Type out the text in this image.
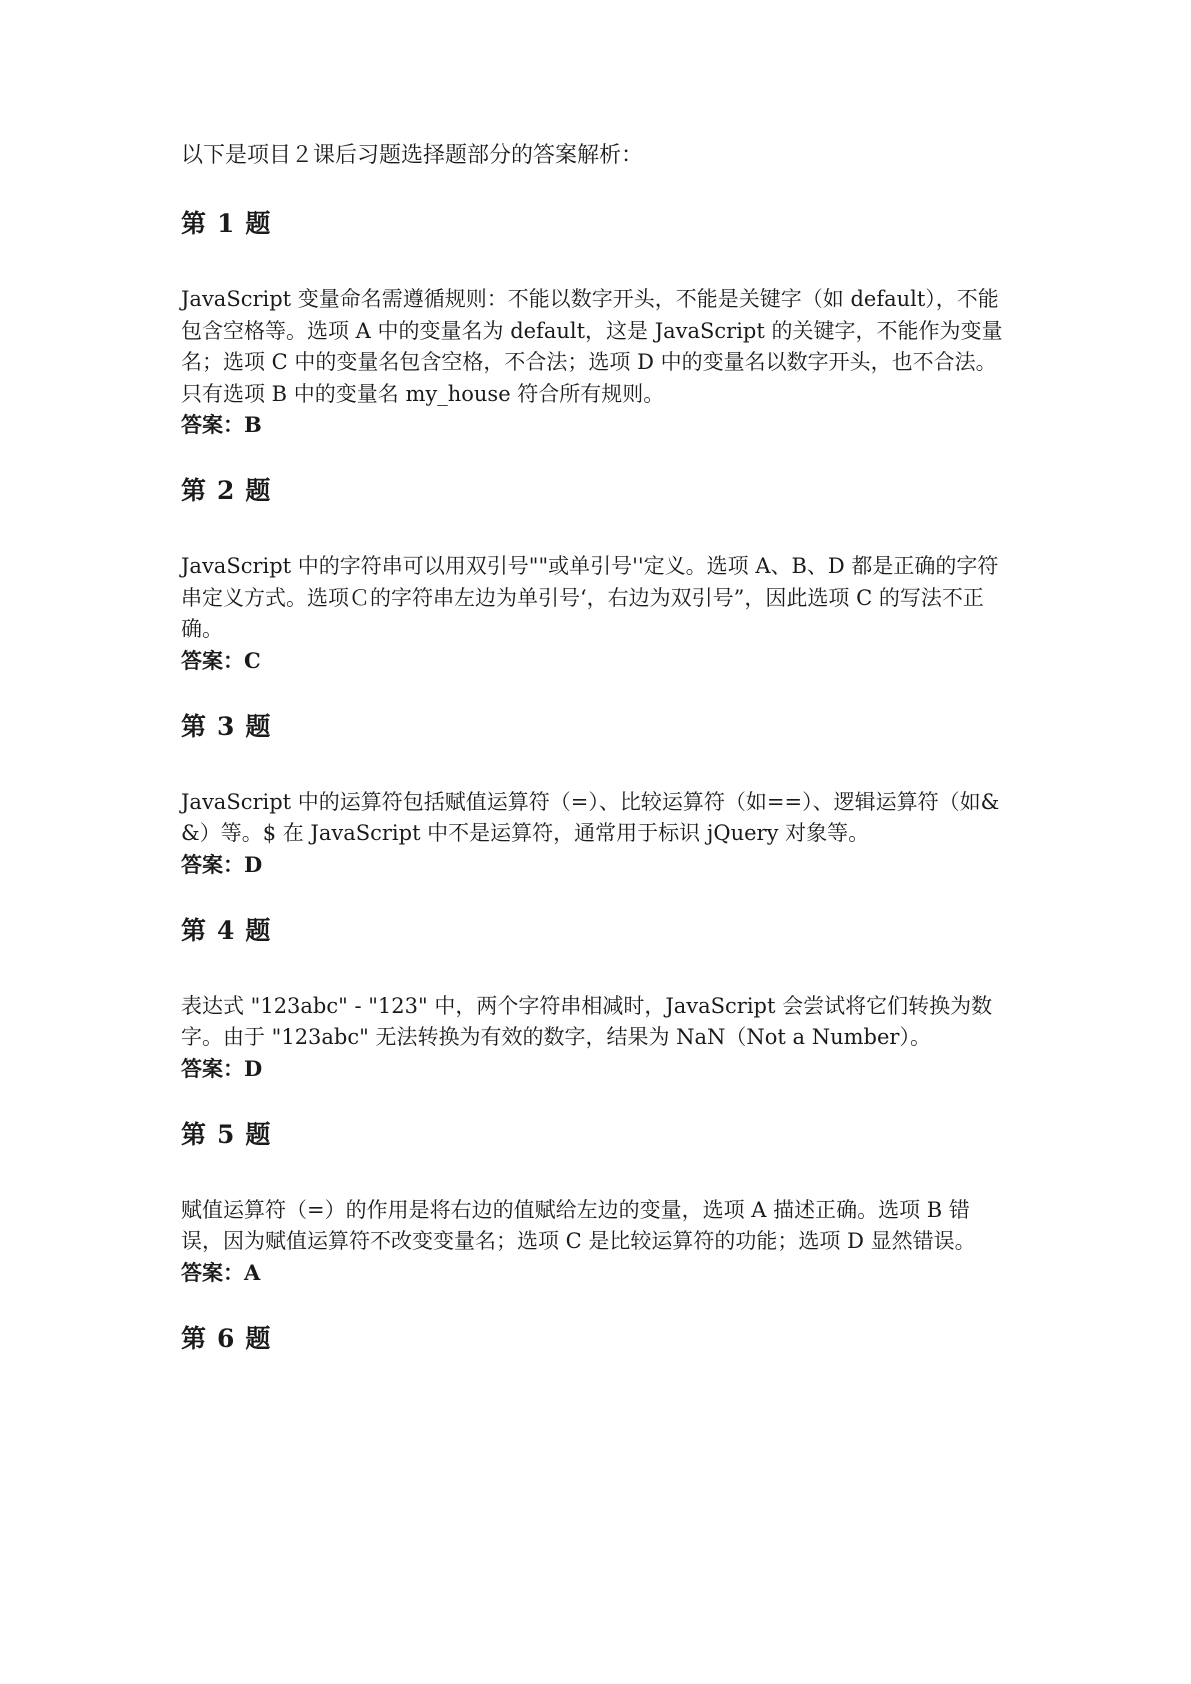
以下是项目２课后习题选择题部分的答案解析：

第 1 题

JavaScript 变量命名需遵循规则：不能以数字开头，不能是关键字（如 default），不能包含空格等。选项 A 中的变量名为 default，这是 JavaScript 的关键字，不能作为变量名；选项 C 中的变量名包含空格，不合法；选项 D 中的变量名以数字开头，也不合法。只有选项 B 中的变量名 my_house 符合所有规则。

答案：B

第 2 题

JavaScript 中的字符串可以用双引号""或单引号''定义。选项 A、B、D 都是正确的字符串定义方式。选项Ｃ的字符串左边为单引号‘，右边为双引号”，因此选项 C 的写法不正确。

答案：C

第 3 题

JavaScript 中的运算符包括赋值运算符（=）、比较运算符（如==）、逻辑运算符（如&&）等。$ 在 JavaScript 中不是运算符，通常用于标识 jQuery 对象等。

答案：D

第 4 题

表达式 "123abc" - "123" 中，两个字符串相减时，JavaScript 会尝试将它们转换为数字。由于 "123abc" 无法转换为有效的数字，结果为 NaN（Not a Number）。

答案：D

第 5 题

赋值运算符（=）的作用是将右边的值赋给左边的变量，选项 A 描述正确。选项 B 错误，因为赋值运算符不改变变量名；选项 C 是比较运算符的功能；选项 D 显然错误。

答案：A

第 6 题
